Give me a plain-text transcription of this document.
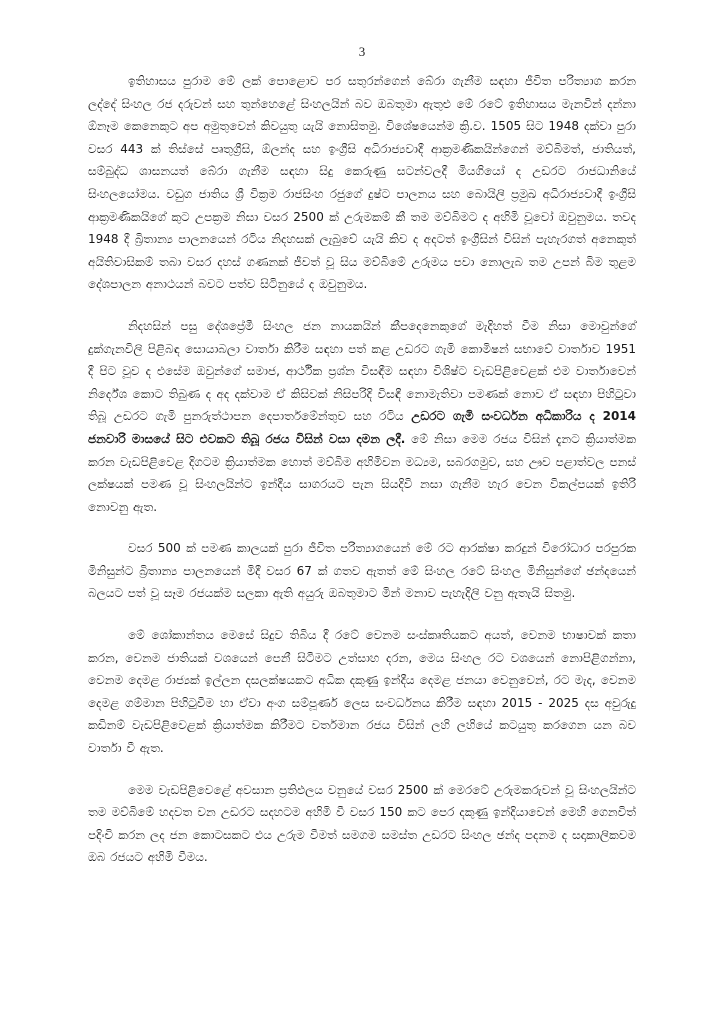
3

ඉතිහාසය පුරාම මේ ලක් පොළොව පර සතුරන්ගෙන් බේරා ගැනීම සඳහා ජීවිත පරිත්‍යාග කරන ලද්දේ සිංහල රජ දරුවන් සහ තුන්හෙළේ සිංහලයින් බව ඔබතුමා ඇතුළු මේ රටේ ඉතිහාසය මැනවින් දන්නා ඕනෑම කෙනෙකුට අප අමුතුවෙන් කිවයුතු යැයි නොසිතමු. විශේෂයෙන්ම ක්‍රි.ව. 1505 සිට 1948 දක්වා පුරා වසර 443 ක් තිස්සේ පෘතුග්‍රීසි, ඕලන්ද සහ ඉංග්‍රීසි අධිරාජ්‍යවාදී ආක්‍රමණිකයින්ගෙන් මව්බිමත්, ජාතියත්, සම්බුද්ධ ශාසනයත් බේරා ගැනීම සඳහා සිදු කෙරුණු සටන්වලදී මියගියෝ ද උඩරට රාජධානියේ සිංහලයෝමය. වඩුග ජාතිය ශ්‍රී වික්‍රම රාජසිංහ රජුගේ දුෂ්ට පාලනය සහ බොයිලි ප්‍රමුඛ අධිරාජ්‍යවාදී ඉංග්‍රීසි ආක්‍රමණිකයිගේ කුට උපක්‍රම නිසා වසර 2500 ක් උරුමකම් කී තම මව්බිමට ද අහිමි වූවෝ ඔවුනුමය. තවද 1948 දී බ්‍රිතාන්‍ය පාලනයෙන් රටිය නිදහසක් ලැබුවේ යැයි කිව ද අදටත් ඉංග්‍රීසින් විසින් පැහැරගත් අනෙකුත් අයිතිවාසිකම් තබා වසර දහස් ගණනක් ජීවත් වූ සිය මව්බිමේ උරුමය පවා නොලැබ තම උපන් බිම තුළම දේශපාලන අනාථයන් බවට පත්ව සිටිනුයේ ද ඔවුනුමය.

නිදහසින් පසු දේශප්‍රේමී සිංහල ජන නායකයින් කීපදෙනෙකුගේ මැදිහත් වීම නිසා මොවුන්ගේ දුක්ගැනවිලි පිළිබඳ සොයාබලා වාර්තා කිරීම සඳහා පත් කළ උඩරට ගැමි කොමිෂන් සභාවේ වාර්තාව 1951 දී පිට වූව ද එසේම ඔවුන්ගේ සමාජ, ආර්ථික ප්‍රශ්න විසඳීම සඳහා විශිෂ්ට වැඩපිළිවෙළක් එම වාර්තාවෙන් නිර්දේශ කොට තිබුණ ද අද දක්වාම ඒ කිසිවක් නිසිපරිදි විසඳී නොමැතිවා පමණක් නොව ඒ සඳහා පිහිටුවා තිබූ උඩරට ගැමි පුනරුත්ථාපන දෙපාර්තමේන්තුව සහ රටිය උඩරට ගැමි සංවර්ධන අධිකාරිය ද 2014 ජනවාරි මාසයේ සිට එවකට තිබූ රජය විසින් වසා දමන ලදී. මේ නිසා මෙම රජය විසින් දැනට ක්‍රියාත්මක කරන වැඩපිළිවෙළ දිගටම ක්‍රියාත්මක හොත් මව්බිම අහිමිවන මධ්‍යම, සබරගමුව, සහ ඌව පළාත්වල පනස් ලක්ෂයක් පමණ වූ සිංහලයින්ට ඉන්දීය සාගරයට පැන සියදිවි නසා ගැනීම හැර වෙන විකල්පයක් ඉතිරි නොවනු ඇත.

වසර 500 ක් පමණ කාලයක් පුරා ජීවිත පරිත්‍යාගයෙන් මේ රට ආරක්ෂා කරදුන් විරෝධාර පරපුරක මිනිසුන්ට බ්‍රිතාන්‍ය පාලනයෙන් මිදී වසර 67 ක් ගතව ඇතත් මේ සිංහල රටේ සිංහල මිනිසුන්ගේ ඡන්දයෙන් බලයට පත් වූ සෑම රජයක්ම සලකා ඇති අයුරු ඔබතුමාට මින් මනාව පැහැදිලි වනු ඇතැයි සිතමු.

මේ ශෝකාන්තය මෙසේ සිදුව තිබිය දී රටේ වෙනම සංස්කෘතියකට අයත්, වෙනම භාෂාවක් කතා කරන, වෙනම ජාතියක් වශයෙන් පෙනී සිටීමට උත්සාහ දරන, මෙය සිංහල රට වශයෙන් නොපිළිගන්නා, වෙනම දෙමළ රාජ්‍යක් ඉල්ලන දසලක්ෂයකට අධික දකුණු ඉන්දීය දෙමළ ජනයා වෙනුවෙන්, රට මැද, වෙනම දෙමළ ගම්මාන පිහිටුවීම හා ඒවා අංග සම්පූර්ණ ලෙස සංවර්ධනය කිරීම සඳහා 2015 - 2025 දස අවුරුදු කඩිනම් වැඩපිළිවෙළක් ක්‍රියාත්මක කිරීමට වර්තමාන රජය විසින් ලහි ලහියේ කටයුතු කරගෙන යන බව වාර්තා වී ඇත.

මෙම වැඩපිළිවෙළේ අවසාන ප්‍රතිඵලය වනුයේ වසර 2500 ක් මෙරටේ උරුමකරුවන් වූ සිංහලයින්ට තම මව්බිමේ හදවත වන උඩරට සදහටම අහිමි වී වසර 150 කට පෙර දකුණු ඉන්දියාවෙන් මෙහි ගෙනවිත් පදිංචි කරන ලද ජන කොටසකට එය උරුම වීමත් සමගම සමස්ත උඩරට සිංහල ඡන්ද පදනම ද සදාකාලිකවම ඔබ රජයට අහිමි වීමය.
